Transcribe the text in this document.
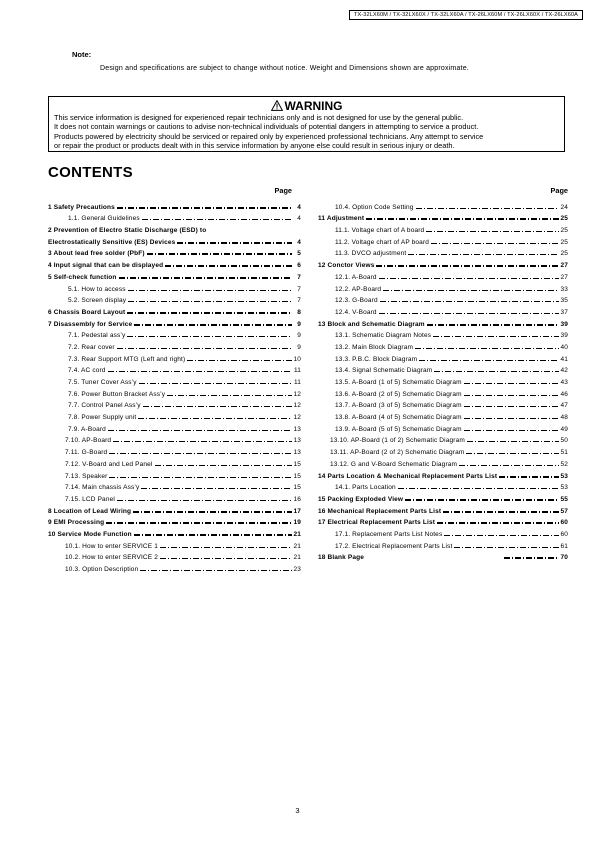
TX-32LX60M / TX-32LX60X / TX-32LX60A / TX-26LX60M / TX-26LX60X / TX-26LX60A
Note:
Design and specifications are subject to change without notice. Weight and Dimensions shown are approximate.
WARNING
This service information is designed for experienced repair technicians only and is not designed for use by the general public.
It does not contain warnings or cautions to advise non-technical individuals of potential dangers in attempting to service a product.
Products powered by electricity should be serviced or repaired only by experienced professional technicians. Any attempt to service
or repair the product or products dealt with in this service information by anyone else could result in serious injury or death.
CONTENTS
Page	Page
1 Safety Precautions	4
1.1. General Guidelines	4
2 Prevention of Electro Static Discharge (ESD) to
Electrostatically Sensitive (ES) Devices	4
3 About lead free solder (PbF)	5
4 Input signal that can be displayed	6
5 Self-check function	7
5.1. How to access	7
5.2. Screen display	7
6 Chassis Board Layout	8
7 Disassembly for Service	9
7.1. Pedestal ass’y	9
7.2. Rear cover	9
7.3. Rear Support MTG (Left and right)	10
7.4. AC cord	11
7.5. Tuner Cover Ass’y	11
7.6. Power Button Bracket Ass’y	12
7.7. Control Panel Ass’y	12
7.8. Power Supply unit	12
7.9. A-Board	13
7.10. AP-Board	13
7.11. G-Board	13
7.12. V-Board and Led Panel	15
7.13. Speaker	15
7.14. Main chassis Ass’y	15
7.15. LCD Panel	16
8 Location of Lead Wiring	17
9 EMI Processing	19
10 Service Mode Function	21
10.1. How to enter SERVICE 1	21
10.2. How to enter SERVICE 2	21
10.3. Option Description	23
10.4. Option Code Setting	24
11 Adjustment	25
11.1. Voltage chart of A board	25
11.2. Voltage chart of AP board	25
11.3. DVCO adjustment	25
12 Conctor Views	27
12.1. A-Board	27
12.2. AP-Board	33
12.3. G-Board	35
12.4. V-Board	37
13 Block and Schematic Diagram	39
13.1. Schematic Diagram Notes	39
13.2. Main Block Diagram	40
13.3. P.B.C. Block Diagram	41
13.4. Signal Schematic Diagram	42
13.5. A-Board (1 of 5) Schematic Diagram	43
13.6. A-Board (2 of 5) Schematic Diagram	46
13.7. A-Board (3 of 5) Schematic Diagram	47
13.8. A-Board (4 of 5) Schematic Diagram	48
13.9. A-Board (5 of 5) Schematic Diagram	49
13.10. AP-Board (1 of 2) Schematic Diagram	50
13.11. AP-Board (2 of 2) Schematic Diagram	51
13.12. G and V-Board Schematic Diagram	52
14 Parts Location & Mechanical Replacement Parts List	53
14.1. Parts Location	53
15 Packing Exploded View	55
16 Mechanical Replacement Parts List	57
17 Electrical Replacement Parts List	60
17.1. Replacement Parts List Notes	60
17.2. Electrical Replacement Parts List	61
18 Blank Page	70
3
